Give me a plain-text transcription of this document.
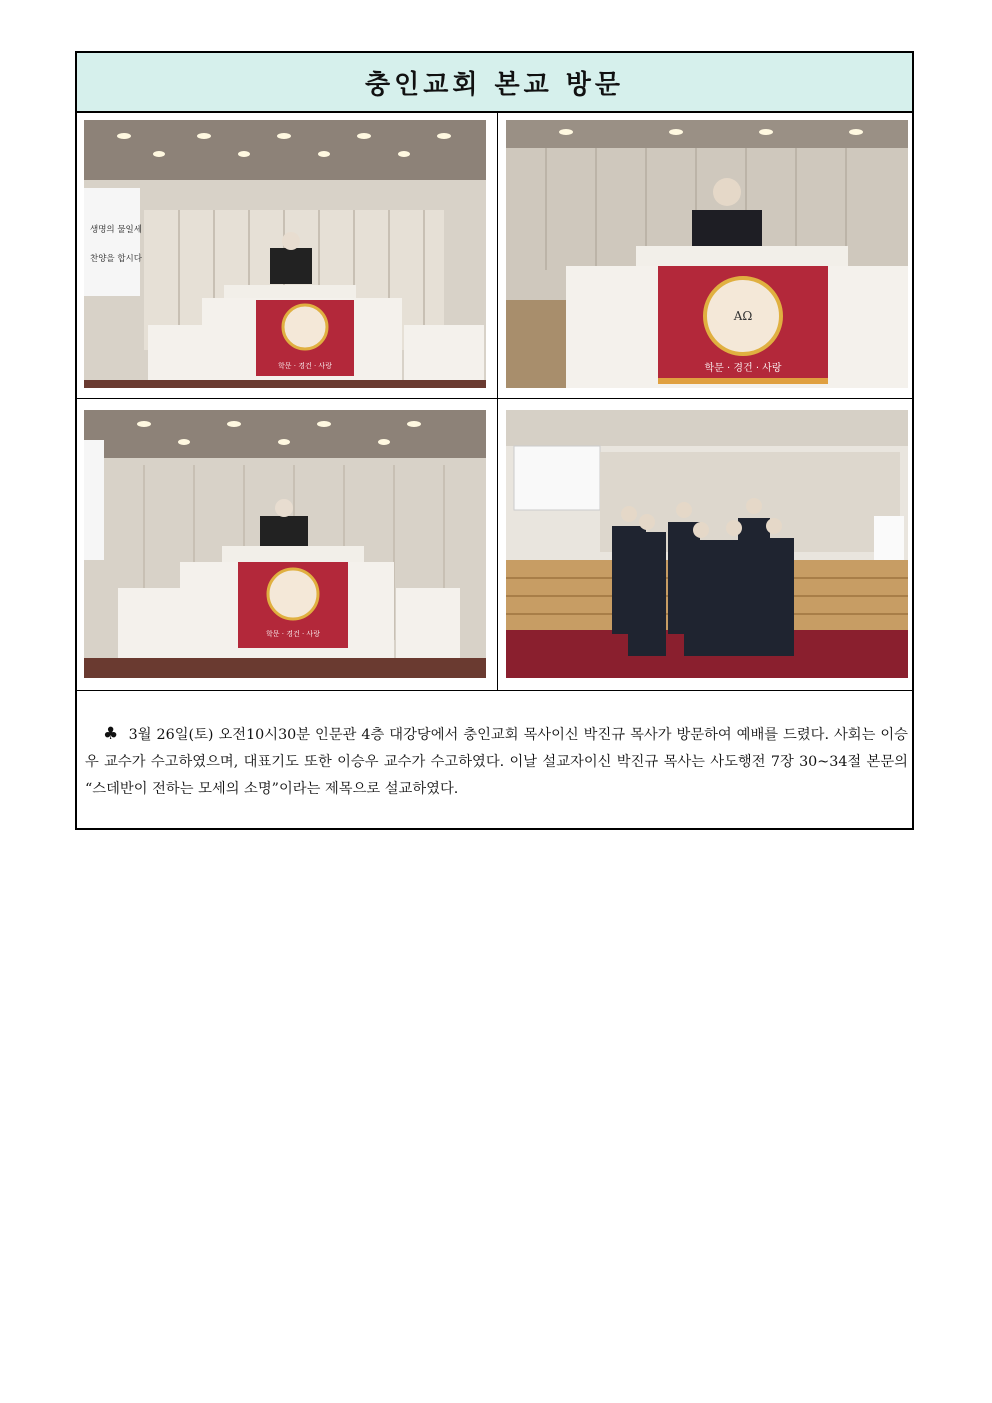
충인교회 본교 방문
생명의 물일세
찬양을 합시다
학문 · 경건 · 사랑
ΑΩ
학문 · 경건 · 사랑
학문 · 경건 · 사랑
♣ 3월 26일(토) 오전10시30분 인문관 4층 대강당에서 충인교회 목사이신 박진규 목사가 방문하여 예배를 드렸다. 사회는 이승우 교수가 수고하였으며, 대표기도 또한 이승우 교수가 수고하였다. 이날 설교자이신 박진규 목사는 사도행전 7장 30~34절 본문의 “스데반이 전하는 모세의 소명”이라는 제목으로 설교하였다.
